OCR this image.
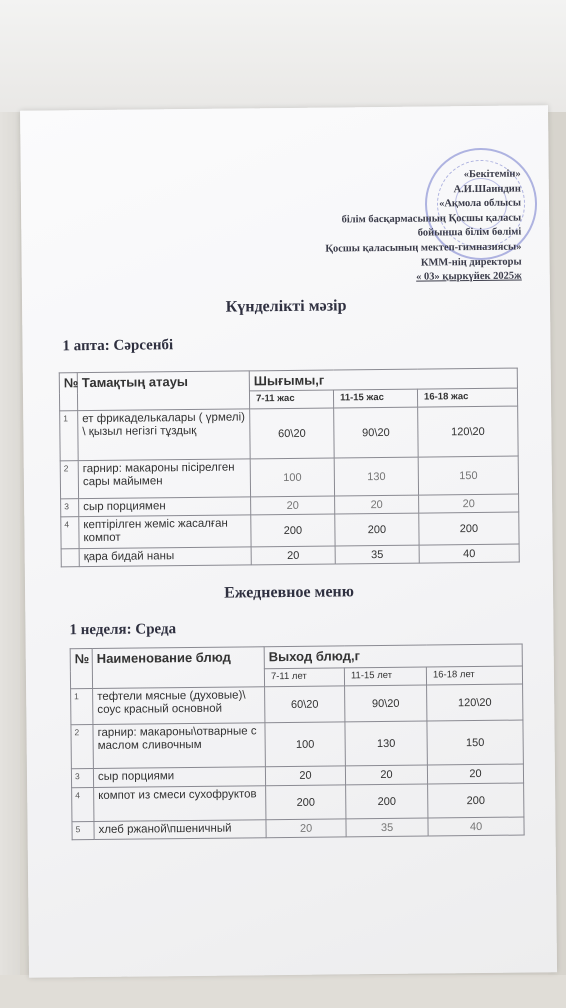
«Бекітемін»
А.И.Шаиндин
«Ақмола облысы
білім басқармасының Қосшы қаласы
бойынша білім бөлімі
Қосшы қаласының мектеп-гимназиясы»
КММ-нің директоры
« 03» қыркүйек 2025ж
Күнделікті мәзір
1 апта: Сәрсенбі
№	Тамақтың атауы	Шығымы,г		
		7-11 жас	11-15 жас	16-18 жас
1	ет фрикаделькалары ( үрмелі) \ қызыл негізгі тұздық	60\20	90\20	120\20
2	гарнир: макароны пісірелген сары майымен	100	130	150
3	сыр порциямен	20	20	20
4	кептірілген жеміс жасалған компот	200	200	200
	қара бидай наны	20	35	40
Ежедневное меню
1 неделя: Среда
№	Наименование блюд	Выход блюд,г		
		7-11 лет	11-15 лет	16-18 лет
1	тефтели мясные (духовые)\ соус красный основной	60\20	90\20	120\20
2	гарнир: макароны\отварные с маслом сливочным	100	130	150
3	сыр порциями	20	20	20
4	компот из смеси сухофруктов	200	200	200
5	хлеб ржаной\пшеничный	20	35	40
